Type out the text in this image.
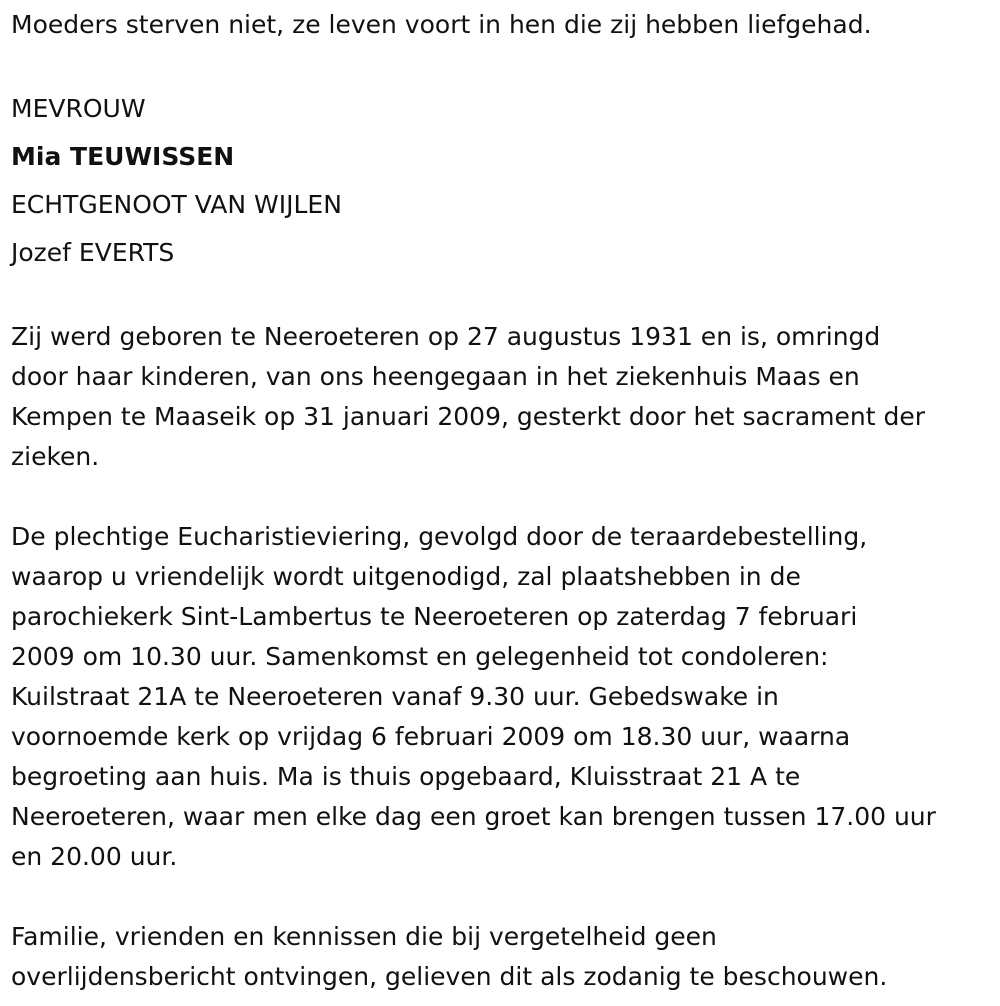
Moeders sterven niet, ze leven voort in hen die zij hebben liefgehad.

MEVROUW

Mia TEUWISSEN

ECHTGENOOT VAN WIJLEN

Jozef EVERTS

Zij werd geboren te Neeroeteren op 27 augustus 1931 en is, omringd

door haar kinderen, van ons heengegaan in het ziekenhuis Maas en

Kempen te Maaseik op 31 januari 2009, gesterkt door het sacrament der

zieken.

De plechtige Eucharistieviering, gevolgd door de teraardebestelling,

waarop u vriendelijk wordt uitgenodigd, zal plaatshebben in de

parochiekerk Sint-Lambertus te Neeroeteren op zaterdag 7 februari

2009 om 10.30 uur. Samenkomst en gelegenheid tot condoleren:

Kuilstraat 21A te Neeroeteren vanaf 9.30 uur. Gebedswake in

voornoemde kerk op vrijdag 6 februari 2009 om 18.30 uur, waarna

begroeting aan huis. Ma is thuis opgebaard, Kluisstraat 21 A te

Neeroeteren, waar men elke dag een groet kan brengen tussen 17.00 uur

en 20.00 uur.

Familie, vrienden en kennissen die bij vergetelheid geen

overlijdensbericht ontvingen, gelieven dit als zodanig te beschouwen.
